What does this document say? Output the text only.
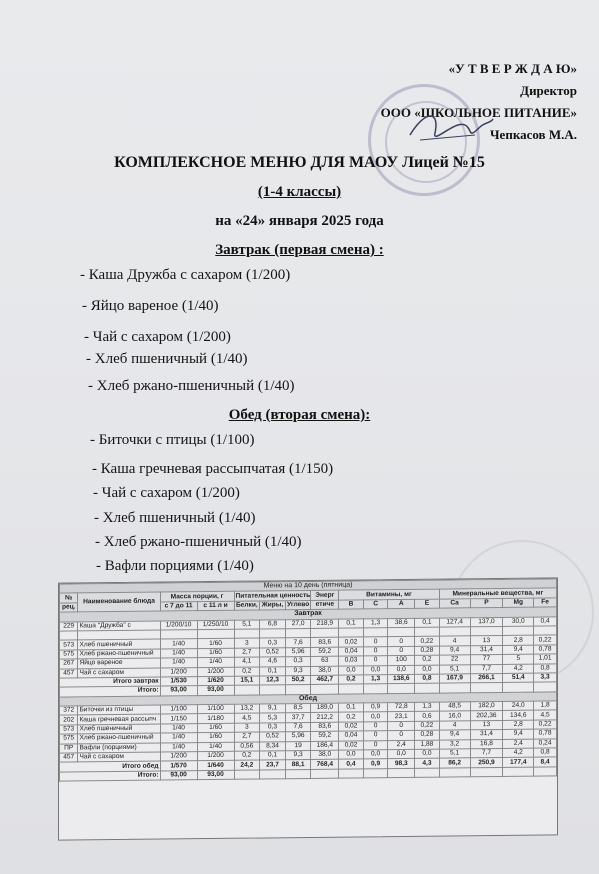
«У Т В Е Р Ж Д А Ю»
Директор
ООО «ШКОЛЬНОЕ ПИТАНИЕ»
Чепкасов М.А.
КОМПЛЕКСНОЕ МЕНЮ ДЛЯ МАОУ Лицей №15
(1-4 классы)
на «24» января 2025 года
Завтрак (первая смена) :
- Каша Дружба с сахаром (1/200)
- Яйцо вареное (1/40)
- Чай с сахаром (1/200)
- Хлеб пшеничный (1/40)
- Хлеб ржано-пшеничный (1/40)
Обед (вторая смена):
- Биточки с птицы (1/100)
- Каша гречневая рассыпчатая (1/150)
- Чай с сахаром (1/200)
- Хлеб пшеничный (1/40)
- Хлеб ржано-пшеничный (1/40)
- Вафли порциями (1/40)
Меню на 10 день (пятница)															
№	Наименование блюда	Масса порции, г		Питательная ценность			Энерг	Витамины, мг				Минеральные вещества, мг			
рец.		с 7 до 11	с 11 л и	Белки,	Жиры,	Углево	етиче	B	C	A	E	Ca	P	Mg	Fe
Завтрак															
229	Каша "Дружба" с	1/200/10	1/250/10	5,1	6,8	27,0	218,9	0,1	1,3	38,6	0,1	127,4	137,0	30,0	0,4

573	Хлеб пшеничный	1/40	1/60	3	0,3	7,6	83,6	0,02	0	0	0,22	4	13	2,8	0,22
575	Хлеб ржано-пшеничный	1/40	1/60	2,7	0,52	5,96	59,2	0,04	0	0	0,28	9,4	31,4	9,4	0,78
267	Яйцо вареное	1/40	1/40	4,1	4,6	0,3	63	0,03	0	100	0,2	22	77	5	1,01
457	Чай с сахаром	1/200	1/200	0,2	0,1	9,3	38,0	0,0	0,0	0,0	0,0	5,1	7,7	4,2	0,8
Итого завтрак		1/530	1/620	15,1	12,3	50,2	462,7	0,2	1,3	138,6	0,8	167,9	266,1	51,4	3,3
Итого:		93,00	93,00												
Обед															
372	Биточки из птицы	1/100	1/100	13,2	9,1	8,5	189,0	0,1	0,9	72,8	1,3	48,5	182,0	24,0	1,8
202	Каша гречневая рассыпч	1/150	1/180	4,5	5,3	37,7	212,2	0,2	0,0	23,1	0,6	16,0	202,36	134,6	4,5
573	Хлеб пшеничный	1/40	1/60	3	0,3	7,6	83,6	0,02	0	0	0,22	4	13	2,8	0,22
575	Хлеб ржано-пшеничный	1/40	1/60	2,7	0,52	5,96	59,2	0,04	0	0	0,28	9,4	31,4	9,4	0,78
ПР	Вафли (порциями)	1/40	1/40	0,56	8,34	19	186,4	0,02	0	2,4	1,88	3,2	16,8	2,4	0,24
457	Чай с сахаром	1/200	1/200	0,2	0,1	9,3	38,0	0,0	0,0	0,0	0,0	5,1	7,7	4,2	0,8
Итого обед		1/570	1/640	24,2	23,7	88,1	768,4	0,4	0,9	98,3	4,3	86,2	250,9	177,4	8,4
Итого:		93,00	93,00												
